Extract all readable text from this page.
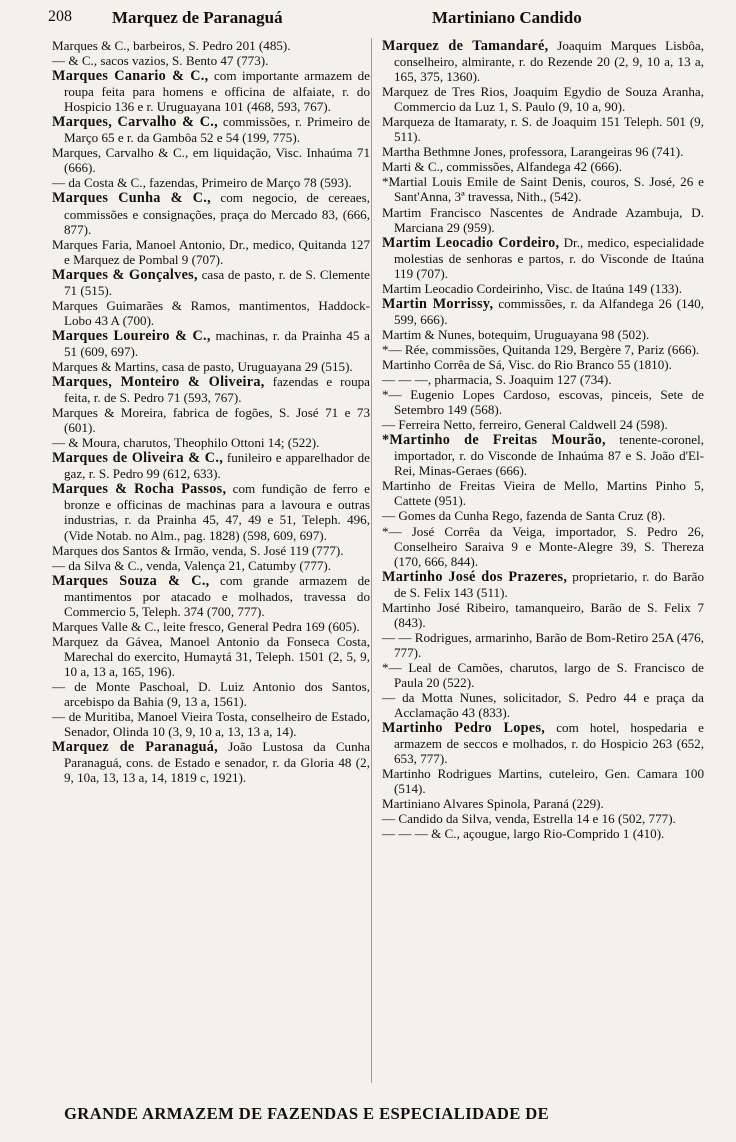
208 Marquez de Paranaguá	Martiniano Candido

Marques & C., barbeiros, S. Pedro 201 (485).

— & C., sacos vazios, S. Bento 47 (773).

Marques Canario & C., com importante armazem de roupa feita para homens e officina de alfaiate, r. do Hospicio 136 e r. Uruguayana 101 (468, 593, 767).

Marques, Carvalho & C., commissões, r. Primeiro de Março 65 e r. da Gambôa 52 e 54 (199, 775).

Marques, Carvalho & C., em liquidação, Visc. Inhaúma 71 (666).

— da Costa & C., fazendas, Primeiro de Março 78 (593).

Marques Cunha & C., com negocio, de cereaes, commissões e consignações, praça do Mercado 83, (666, 877).

Marques Faria, Manoel Antonio, Dr., medico, Quitanda 127 e Marquez de Pombal 9 (707).

Marques & Gonçalves, casa de pasto, r. de S. Clemente 71 (515).

Marques Guimarães & Ramos, mantimentos, Haddock-Lobo 43 A (700).

Marques Loureiro & C., machinas, r. da Prainha 45 a 51 (609, 697).

Marques & Martins, casa de pasto, Uruguayana 29 (515).

Marques, Monteiro & Oliveira, fazendas e roupa feita, r. de S. Pedro 71 (593, 767).

Marques & Moreira, fabrica de fogões, S. José 71 e 73 (601).

— & Moura, charutos, Theophilo Ottoni 14; (522).

Marques de Oliveira & C., funileiro e apparelhador de gaz, r. S. Pedro 99 (612, 633).

Marques & Rocha Passos, com fundição de ferro e bronze e officinas de machinas para a lavoura e outras industrias, r. da Prainha 45, 47, 49 e 51, Teleph. 496, (Vide Notab. no Alm., pag. 1828) (598, 609, 697).

Marques dos Santos & Irmão, venda, S. José 119 (777).

— da Silva & C., venda, Valença 21, Catumby (777).

Marques Souza & C., com grande armazem de mantimentos por atacado e molhados, travessa do Commercio 5, Teleph. 374 (700, 777).

Marques Valle & C., leite fresco, General Pedra 169 (605).

Marquez da Gávea, Manoel Antonio da Fonseca Costa, Marechal do exercito, Humaytá 31, Teleph. 1501 (2, 5, 9, 10 a, 13 a, 165, 196).

— de Monte Paschoal, D. Luiz Antonio dos Santos, arcebispo da Bahia (9, 13 a, 1561).

— de Muritiba, Manoel Vieira Tosta, conselheiro de Estado, Senador, Olinda 10 (3, 9, 10 a, 13, 13 a, 14).

Marquez de Paranaguá, João Lustosa da Cunha Paranaguá, cons. de Estado e senador, r. da Gloria 48 (2, 9, 10a, 13, 13 a, 14, 1819 c, 1921).

Marquez de Tamandaré, Joaquim Marques Lisbôa, conselheiro, almirante, r. do Rezende 20 (2, 9, 10 a, 13 a, 165, 375, 1360).

Marquez de Tres Rios, Joaquim Egydio de Souza Aranha, Commercio da Luz 1, S. Paulo (9, 10 a, 90).

Marqueza de Itamaraty, r. S. de Joaquim 151 Teleph. 501 (9, 511).

Martha Bethmne Jones, professora, Larangeiras 96 (741).

Marti & C., commissões, Alfandega 42 (666).

*Martial Louis Emile de Saint Denis, couros, S. José, 26 e Sant'Anna, 3ª travessa, Nith., (542).

Martim Francisco Nascentes de Andrade Azambuja, D. Marciana 29 (959).

Martim Leocadio Cordeiro, Dr., medico, especialidade molestias de senhoras e partos, r. do Visconde de Itaúna 119 (707).

Martim Leocadio Cordeirinho, Visc. de Itaúna 149 (133).

Martin Morrissy, commissões, r. da Alfandega 26 (140, 599, 666).

Martim & Nunes, botequim, Uruguayana 98 (502).

*— Rée, commissões, Quitanda 129, Bergère 7, Pariz (666).

Martinho Corrêa de Sá, Visc. do Rio Branco 55 (1810).

— — —, pharmacia, S. Joaquim 127 (734).

*— Eugenio Lopes Cardoso, escovas, pinceis, Sete de Setembro 149 (568).

— Ferreira Netto, ferreiro, General Caldwell 24 (598).

*Martinho de Freitas Mourão, tenente-coronel, importador, r. do Visconde de Inhaúma 87 e S. João d'El-Rei, Minas-Geraes (666).

Martinho de Freitas Vieira de Mello, Martins Pinho 5, Cattete (951).

— Gomes da Cunha Rego, fazenda de Santa Cruz (8).

*— José Corrêa da Veiga, importador, S. Pedro 26, Conselheiro Saraiva 9 e Monte-Alegre 39, S. Thereza (170, 666, 844).

Martinho José dos Prazeres, proprietario, r. do Barão de S. Felix 143 (511).

Martinho José Ribeiro, tamanqueiro, Barão de S. Felix 7 (843).

— — Rodrigues, armarinho, Barão de Bom-Retiro 25A (476, 777).

*— Leal de Camões, charutos, largo de S. Francisco de Paula 20 (522).

— da Motta Nunes, solicitador, S. Pedro 44 e praça da Acclamação 43 (833).

Martinho Pedro Lopes, com hotel, hospedaria e armazem de seccos e molhados, r. do Hospicio 263 (652, 653, 777).

Martinho Rodrigues Martins, cuteleiro, Gen. Camara 100 (514).

Martiniano Alvares Spinola, Paraná (229).

— Candido da Silva, venda, Estrella 14 e 16 (502, 777).

— — — & C., açougue, largo Rio-Comprido 1 (410).

GRANDE ARMAZEM DE FAZENDAS E ESPECIALIDADE DE
